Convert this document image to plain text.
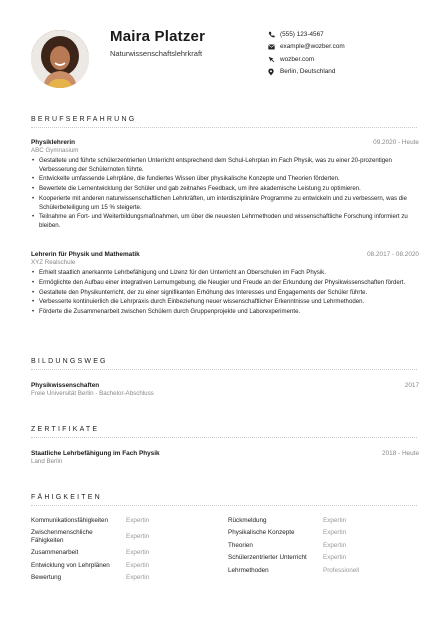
Maira Platzer
Naturwissenschaftslehrkraft
(555) 123-4567
example@wozber.com
wozber.com
Berlin, Deutschland
BERUFSERFAHRUNG
Physiklehrerin	09.2020 - Heute
ABC Gymnasium
• Gestaltete und führte schülerzentrierten Unterricht entsprechend dem Schul-Lehrplan im Fach Physik, was zu einer 20-prozentigen Verbesserung der Schülernoten führte.
• Entwickelte umfassende Lehrpläne, die fundiertes Wissen über physikalische Konzepte und Theorien förderten.
• Bewertete die Lernentwicklung der Schüler und gab zeitnahes Feedback, um ihre akademische Leistung zu optimieren.
• Kooperierte mit anderen naturwissenschaftlichen Lehrkräften, um interdisziplinäre Programme zu entwickeln und zu verbessern, was die Schülerbeteiligung um 15 % steigerte.
• Teilnahme an Fort- und Weiterbildungsmaßnahmen, um über die neuesten Lehrmethoden und wissenschaftliche Forschung informiert zu bleiben.
Lehrerin für Physik und Mathematik	08.2017 - 08.2020
XYZ Realschule
• Erhielt staatlich anerkannte Lehrbefähigung und Lizenz für den Unterricht an Oberschulen im Fach Physik.
• Ermöglichte den Aufbau einer integrativen Lernumgebung, die Neugier und Freude an der Erkundung der Physikwissenschaften fördert.
• Gestaltete den Physikunterricht, der zu einer signifikanten Erhöhung des Interesses und Engagements der Schüler führte.
• Verbesserte kontinuierlich die Lehrpraxis durch Einbeziehung neuer wissenschaftlicher Erkenntnisse und Lehrmethoden.
• Förderte die Zusammenarbeit zwischen Schülern durch Gruppenprojekte und Laborexperimente.
BILDUNGSWEG
Physikwissenschaften	2017
Freie Universität Berlin - Bachelor-Abschluss
ZERTIFIKATE
Staatliche Lehrbefähigung im Fach Physik	2018 - Heute
Land Berlin
FÄHIGKEITEN
Kommunikationsfähigkeiten	Expertin
Zwischenmenschliche Fähigkeiten	Expertin
Zusammenarbeit	Expertin
Entwicklung von Lehrplänen	Expertin
Bewertung	Expertin
Rückmeldung	Expertin
Physikalische Konzepte	Expertin
Theorien	Expertin
Schülerzentrierter Unterricht	Expertin
Lehrmethoden	Professionell
